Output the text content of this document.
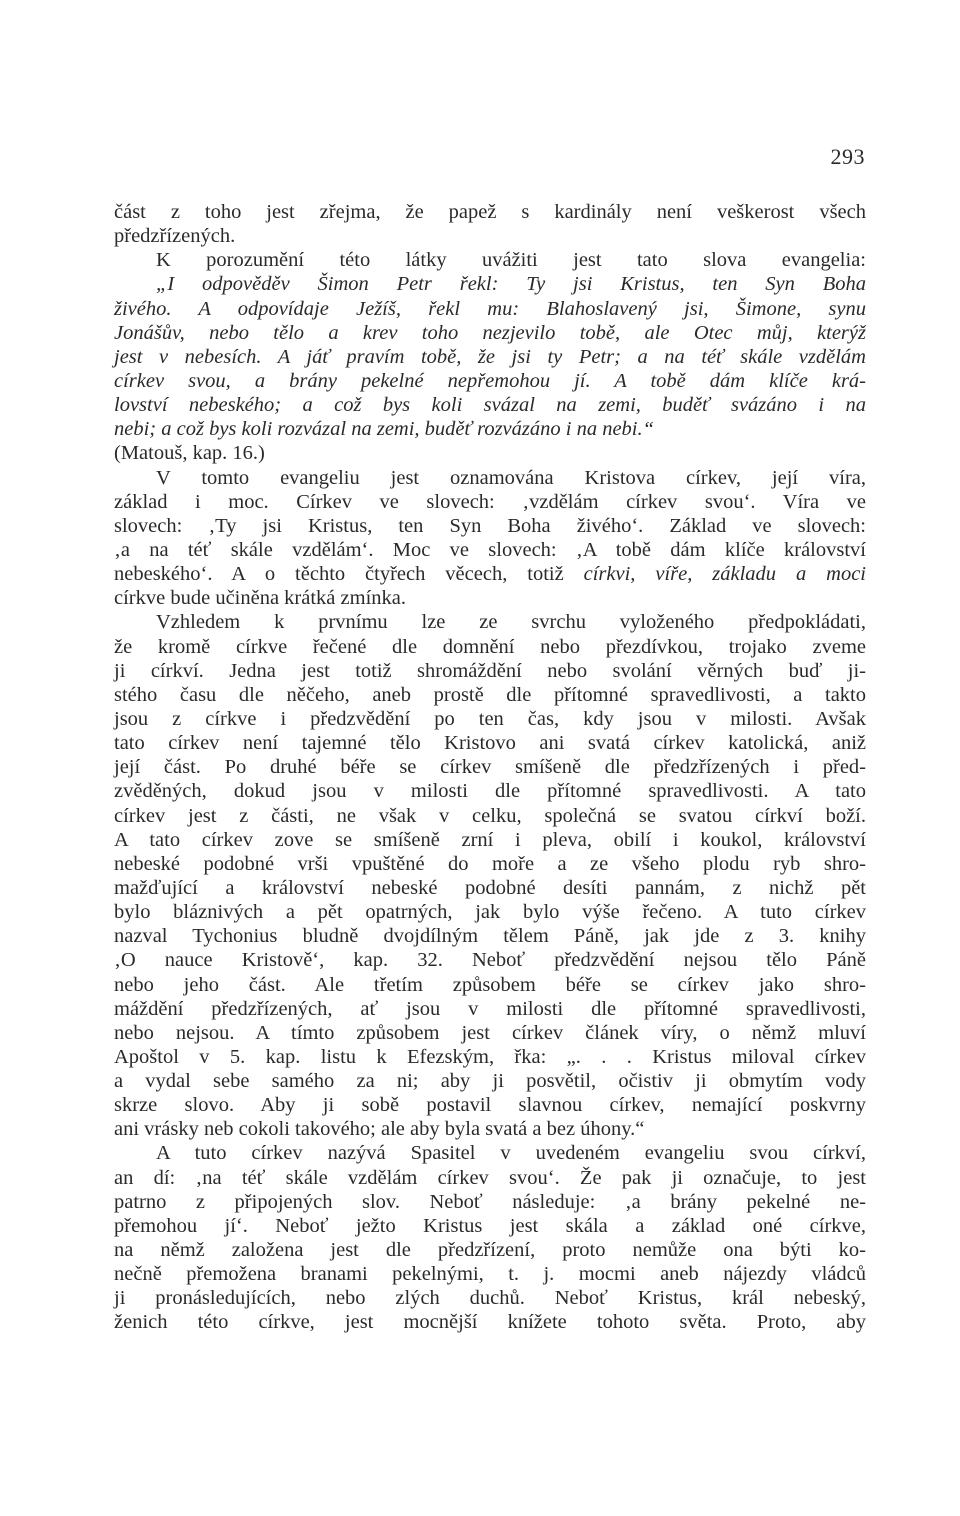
293
část z toho jest zřejma, že papež s kardinály není veškerost všech
předzřízených.
K porozumění této látky uvážiti jest tato slova evangelia:
„I odpověděv Šimon Petr řekl: Ty jsi Kristus, ten Syn Boha
živého. A odpovídaje Ježíš, řekl mu: Blahoslavený jsi, Šimone, synu
Jonášův, nebo tělo a krev toho nezjevilo tobě, ale Otec můj, kterýž
jest v nebesích. A jáť pravím tobě, že jsi ty Petr; a na téť skále vzdělám
církev svou, a brány pekelné nepřemohou jí. A tobě dám klíče krá-
lovství nebeského; a což bys koli svázal na zemi, buděť svázáno i na
nebi; a což bys koli rozvázal na zemi, buděť rozvázáno i na nebi.“
(Matouš, kap. 16.)
V tomto evangeliu jest oznamována Kristova církev, její víra,
základ i moc. Církev ve slovech: ‚vzdělám církev svou‘. Víra ve
slovech: ‚Ty jsi Kristus, ten Syn Boha živého‘. Základ ve slovech:
‚a na téť skále vzdělám‘. Moc ve slovech: ‚A tobě dám klíče království
nebeského‘. A o těchto čtyřech věcech, totiž církvi, víře, základu a moci
církve bude učiněna krátká zmínka.
Vzhledem k prvnímu lze ze svrchu vyloženého předpokládati,
že kromě církve řečené dle domnění nebo přezdívkou, trojako zveme
ji církví. Jedna jest totiž shromáždění nebo svolání věrných buď ji-
stého času dle něčeho, aneb prostě dle přítomné spravedlivosti, a takto
jsou z církve i předzvědění po ten čas, kdy jsou v milosti. Avšak
tato církev není tajemné tělo Kristovo ani svatá církev katolická, aniž
její část. Po druhé béře se církev smíšeně dle předzřízených i před-
zvěděných, dokud jsou v milosti dle přítomné spravedlivosti. A tato
církev jest z části, ne však v celku, společná se svatou církví boží.
A tato církev zove se smíšeně zrní i pleva, obilí i koukol, království
nebeské podobné vrši vpuštěné do moře a ze všeho plodu ryb shro-
mažďující a království nebeské podobné desíti pannám, z nichž pět
bylo bláznivých a pět opatrných, jak bylo výše řečeno. A tuto církev
nazval Tychonius bludně dvojdílným tělem Páně, jak jde z 3. knihy
‚O nauce Kristově‘, kap. 32. Neboť předzvědění nejsou tělo Páně
nebo jeho část. Ale třetím způsobem béře se církev jako shro-
máždění předzřízených, ať jsou v milosti dle přítomné spravedlivosti,
nebo nejsou. A tímto způsobem jest církev článek víry, o němž mluví
Apoštol v 5. kap. listu k Efezským, řka: „. . . Kristus miloval církev
a vydal sebe samého za ni; aby ji posvětil, očistiv ji obmytím vody
skrze slovo. Aby ji sobě postavil slavnou církev, nemající poskvrny
ani vrásky neb cokoli takového; ale aby byla svatá a bez úhony.“
A tuto církev nazývá Spasitel v uvedeném evangeliu svou církví,
an dí: ‚na téť skále vzdělám církev svou‘. Že pak ji označuje, to jest
patrno z připojených slov. Neboť následuje: ‚a brány pekelné ne-
přemohou jí‘. Neboť ježto Kristus jest skála a základ oné církve,
na němž založena jest dle předzřízení, proto nemůže ona býti ko-
nečně přemožena branami pekelnými, t. j. mocmi aneb nájezdy vládců
ji pronásledujících, nebo zlých duchů. Neboť Kristus, král nebeský,
ženich této církve, jest mocnější knížete tohoto světa. Proto, aby
